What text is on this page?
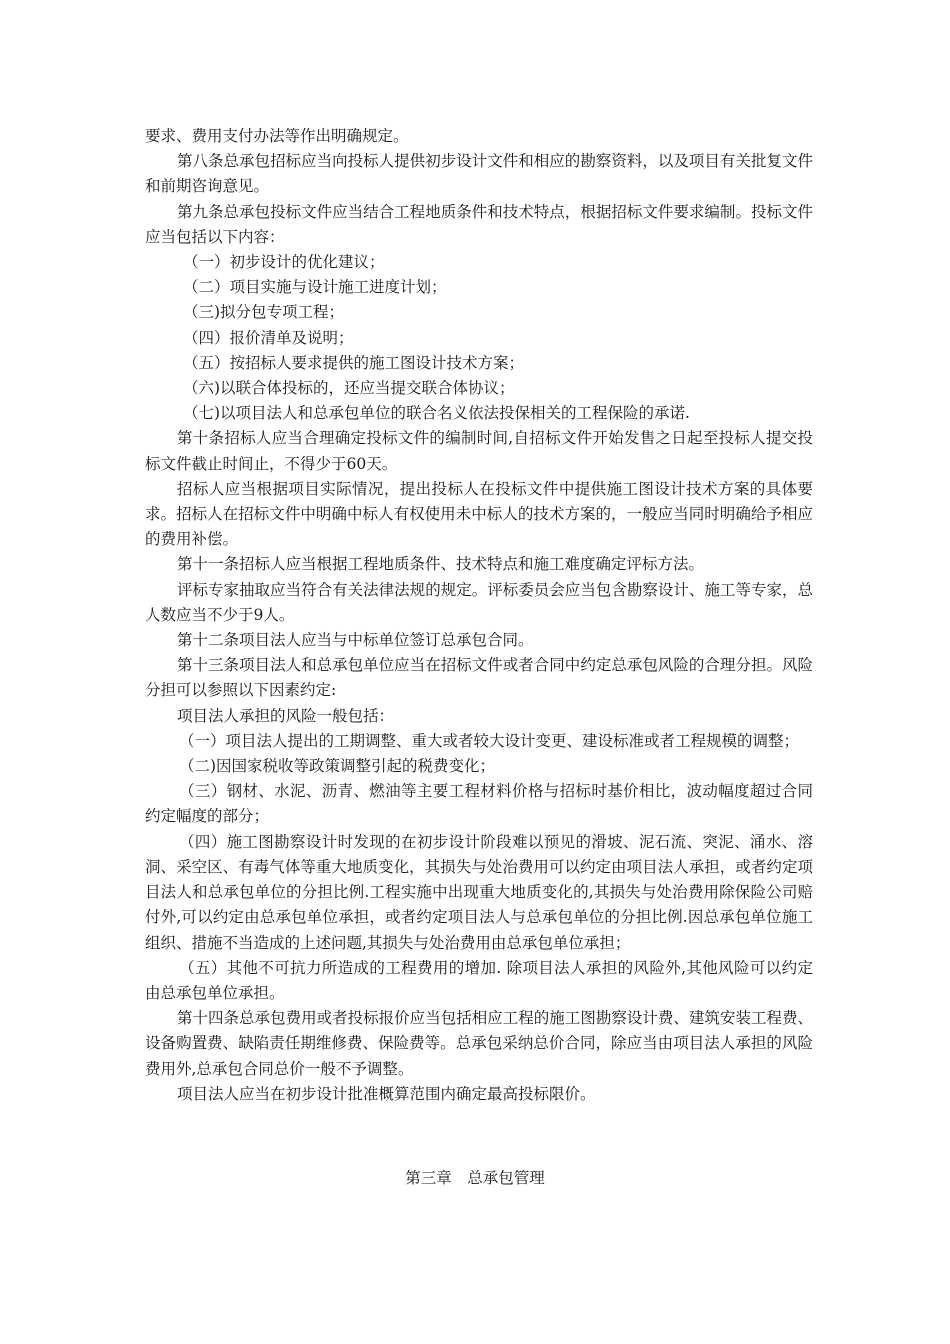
要求、费用支付办法等作出明确规定。

第八条总承包招标应当向投标人提供初步设计文件和相应的勘察资料，以及项目有关批复文件和前期咨询意见。

第九条总承包投标文件应当结合工程地质条件和技术特点，根据招标文件要求编制。投标文件应当包括以下内容：

（一）初步设计的优化建议；

（二）项目实施与设计施工进度计划；

（三)拟分包专项工程；

（四）报价清单及说明；

（五）按招标人要求提供的施工图设计技术方案；

（六)以联合体投标的，还应当提交联合体协议；

（七)以项目法人和总承包单位的联合名义依法投保相关的工程保险的承诺.

第十条招标人应当合理确定投标文件的编制时间,自招标文件开始发售之日起至投标人提交投标文件截止时间止，不得少于60天。

招标人应当根据项目实际情况，提出投标人在投标文件中提供施工图设计技术方案的具体要求。招标人在招标文件中明确中标人有权使用未中标人的技术方案的，一般应当同时明确给予相应的费用补偿。

第十一条招标人应当根据工程地质条件、技术特点和施工难度确定评标方法。

评标专家抽取应当符合有关法律法规的规定。评标委员会应当包含勘察设计、施工等专家，总人数应当不少于9人。

第十二条项目法人应当与中标单位签订总承包合同。

第十三条项目法人和总承包单位应当在招标文件或者合同中约定总承包风险的合理分担。风险分担可以参照以下因素约定:

项目法人承担的风险一般包括：

（一）项目法人提出的工期调整、重大或者较大设计变更、建设标准或者工程规模的调整；

（二)因国家税收等政策调整引起的税费变化；

（三）钢材、水泥、沥青、燃油等主要工程材料价格与招标时基价相比，波动幅度超过合同约定幅度的部分；

（四）施工图勘察设计时发现的在初步设计阶段难以预见的滑坡、泥石流、突泥、涌水、溶洞、采空区、有毒气体等重大地质变化，其损失与处治费用可以约定由项目法人承担，或者约定项目法人和总承包单位的分担比例.工程实施中出现重大地质变化的,其损失与处治费用除保险公司赔付外,可以约定由总承包单位承担，或者约定项目法人与总承包单位的分担比例.因总承包单位施工组织、措施不当造成的上述问题,其损失与处治费用由总承包单位承担；

（五）其他不可抗力所造成的工程费用的增加. 除项目法人承担的风险外,其他风险可以约定由总承包单位承担。

第十四条总承包费用或者投标报价应当包括相应工程的施工图勘察设计费、建筑安装工程费、设备购置费、缺陷责任期维修费、保险费等。总承包采纳总价合同，除应当由项目法人承担的风险费用外,总承包合同总价一般不予调整。

项目法人应当在初步设计批准概算范围内确定最高投标限价。

第三章　总承包管理
